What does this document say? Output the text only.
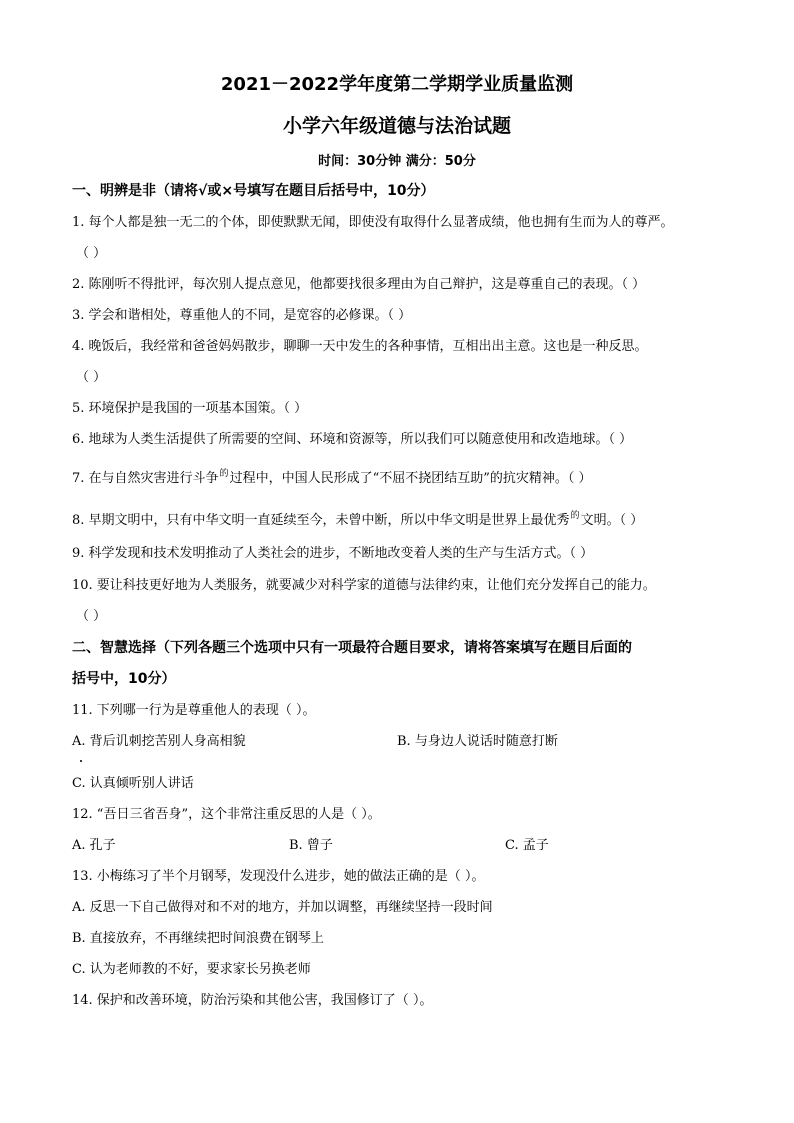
2021－2022学年度第二学期学业质量监测
小学六年级道德与法治试题
时间：30分钟 满分：50分
一、明辨是非（请将√或×号填写在题目后括号中，10分）
1. 每个人都是独一无二的个体，即使默默无闻，即使没有取得什么显著成绩，他也拥有生而为人的尊严。
（ ）
2. 陈刚听不得批评，每次别人提点意见，他都要找很多理由为自己辩护，这是尊重自己的表现。（ ）
3. 学会和谐相处，尊重他人的不同，是宽容的必修课。（ ）
4. 晚饭后，我经常和爸爸妈妈散步，聊聊一天中发生的各种事情，互相出出主意。这也是一种反思。
（ ）
5. 环境保护是我国的一项基本国策。（ ）
6. 地球为人类生活提供了所需要的空间、环境和资源等，所以我们可以随意使用和改造地球。（ ）
7. 在与自然灾害进行斗争$^的$过程中，中国人民形成了“不屈不挠团结互助”的抗灾精神。（ ）
8. 早期文明中，只有中华文明一直延续至今，未曾中断，所以中华文明是世界上最优秀$^的$文明。（ ）
9. 科学发现和技术发明推动了人类社会的进步，不断地改变着人类的生产与生活方式。（ ）
10. 要让科技更好地为人类服务，就要减少对科学家的道德与法律约束，让他们充分发挥自己的能力。
（ ）
二、智慧选择（下列各题三个选项中只有一项最符合题目要求，请将答案填写在题目后面的
括号中，10分）
11. 下列哪一行为是尊重他人的表现（ ）。
A. 背后讥刺挖苦别人身高相貌	B. 与身边人说话时随意打断
C. 认真倾听别人讲话
12. “吾日三省吾身”，这个非常注重反思的人是（ ）。
A. 孔子	B. 曾子	C. 孟子
13. 小梅练习了半个月钢琴，发现没什么进步，她的做法正确的是（ ）。
A. 反思一下自己做得对和不对的地方，并加以调整，再继续坚持一段时间
B. 直接放弃，不再继续把时间浪费在钢琴上
C. 认为老师教的不好，要求家长另换老师
14. 保护和改善环境，防治污染和其他公害，我国修订了（ ）。
